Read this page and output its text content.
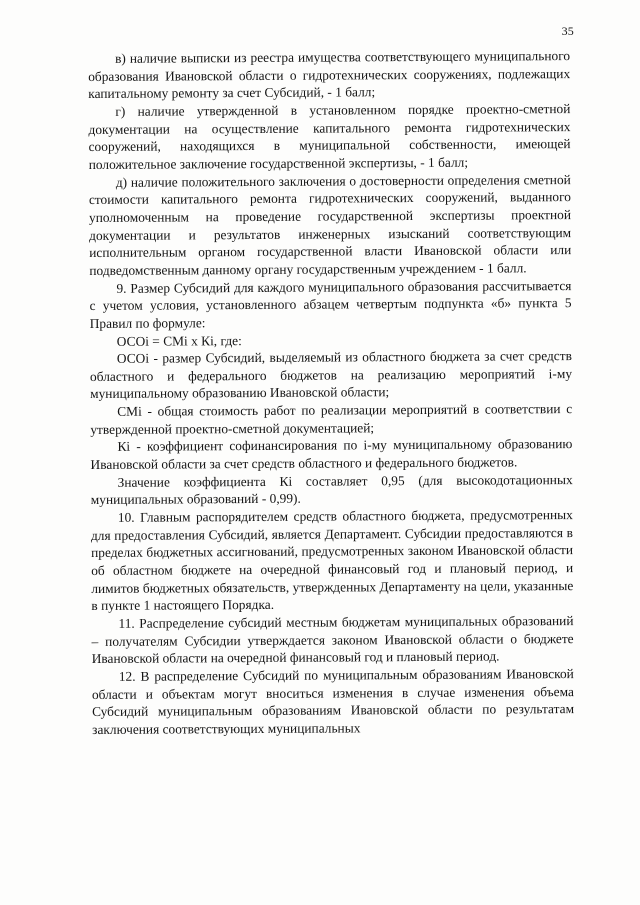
35

в) наличие выписки из реестра имущества соответствующего муниципального образования Ивановской области о гидротехнических сооружениях, подлежащих капитальному ремонту за счет Субсидий, - 1 балл;

г) наличие утвержденной в установленном порядке проектно-сметной документации на осуществление капитального ремонта гидротехнических сооружений, находящихся в муниципальной собственности, имеющей положительное заключение государственной экспертизы, - 1 балл;

д) наличие положительного заключения о достоверности определения сметной стоимости капитального ремонта гидротехнических сооружений, выданного уполномоченным на проведение государственной экспертизы проектной документации и результатов инженерных изысканий соответствующим исполнительным органом государственной власти Ивановской области или подведомственным данному органу государственным учреждением - 1 балл.

9. Размер Субсидий для каждого муниципального образования рассчитывается с учетом условия, установленного абзацем четвертым подпункта «б» пункта 5 Правил по формуле:

ОСОi = СМi х Кi, где:

ОСОi - размер Субсидий, выделяемый из областного бюджета за счет средств областного и федерального бюджетов на реализацию мероприятий i-му муниципальному образованию Ивановской области;

СМi - общая стоимость работ по реализации мероприятий в соответствии с утвержденной проектно-сметной документацией;

Кi - коэффициент софинансирования по i-му муниципальному образованию Ивановской области за счет средств областного и федерального бюджетов.

Значение коэффициента Кi составляет 0,95 (для высокодотационных муниципальных образований - 0,99).

10. Главным распорядителем средств областного бюджета, предусмотренных для предоставления Субсидий, является Департамент. Субсидии предоставляются в пределах бюджетных ассигнований, предусмотренных законом Ивановской области об областном бюджете на очередной финансовый год и плановый период, и лимитов бюджетных обязательств, утвержденных Департаменту на цели, указанные в пункте 1 настоящего Порядка.

11. Распределение субсидий местным бюджетам муниципальных образований – получателям Субсидии утверждается законом Ивановской области о бюджете Ивановской области на очередной финансовый год и плановый период.

12. В распределение Субсидий по муниципальным образованиям Ивановской области и объектам могут вноситься изменения в случае изменения объема Субсидий муниципальным образованиям Ивановской области по результатам заключения соответствующих муниципальных
